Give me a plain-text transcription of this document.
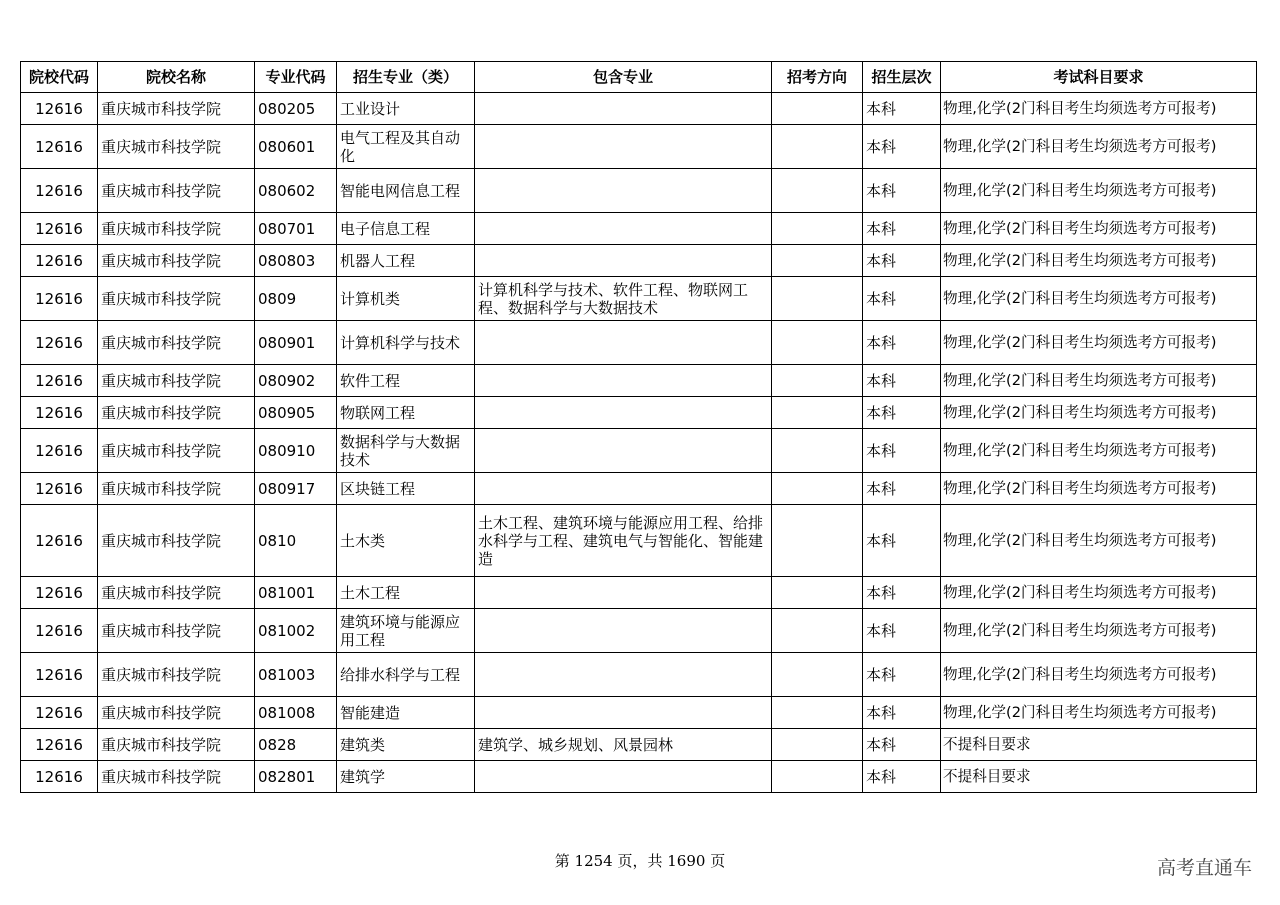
院校代码	院校名称	专业代码	招生专业（类）	包含专业	招考方向	招生层次	考试科目要求
12616	重庆城市科技学院	080205	工业设计			本科	物理,化学(2门科目考生均须选考方可报考)
12616	重庆城市科技学院	080601	电气工程及其自动化			本科	物理,化学(2门科目考生均须选考方可报考)
12616	重庆城市科技学院	080602	智能电网信息工程			本科	物理,化学(2门科目考生均须选考方可报考)
12616	重庆城市科技学院	080701	电子信息工程			本科	物理,化学(2门科目考生均须选考方可报考)
12616	重庆城市科技学院	080803	机器人工程			本科	物理,化学(2门科目考生均须选考方可报考)
12616	重庆城市科技学院	0809	计算机类	计算机科学与技术、软件工程、物联网工程、数据科学与大数据技术		本科	物理,化学(2门科目考生均须选考方可报考)
12616	重庆城市科技学院	080901	计算机科学与技术			本科	物理,化学(2门科目考生均须选考方可报考)
12616	重庆城市科技学院	080902	软件工程			本科	物理,化学(2门科目考生均须选考方可报考)
12616	重庆城市科技学院	080905	物联网工程			本科	物理,化学(2门科目考生均须选考方可报考)
12616	重庆城市科技学院	080910	数据科学与大数据技术			本科	物理,化学(2门科目考生均须选考方可报考)
12616	重庆城市科技学院	080917	区块链工程			本科	物理,化学(2门科目考生均须选考方可报考)
12616	重庆城市科技学院	0810	土木类	土木工程、建筑环境与能源应用工程、给排水科学与工程、建筑电气与智能化、智能建造		本科	物理,化学(2门科目考生均须选考方可报考)
12616	重庆城市科技学院	081001	土木工程			本科	物理,化学(2门科目考生均须选考方可报考)
12616	重庆城市科技学院	081002	建筑环境与能源应用工程			本科	物理,化学(2门科目考生均须选考方可报考)
12616	重庆城市科技学院	081003	给排水科学与工程			本科	物理,化学(2门科目考生均须选考方可报考)
12616	重庆城市科技学院	081008	智能建造			本科	物理,化学(2门科目考生均须选考方可报考)
12616	重庆城市科技学院	0828	建筑类	建筑学、城乡规划、风景园林		本科	不提科目要求
12616	重庆城市科技学院	082801	建筑学			本科	不提科目要求
第 1254 页，共 1690 页	高考直通车
